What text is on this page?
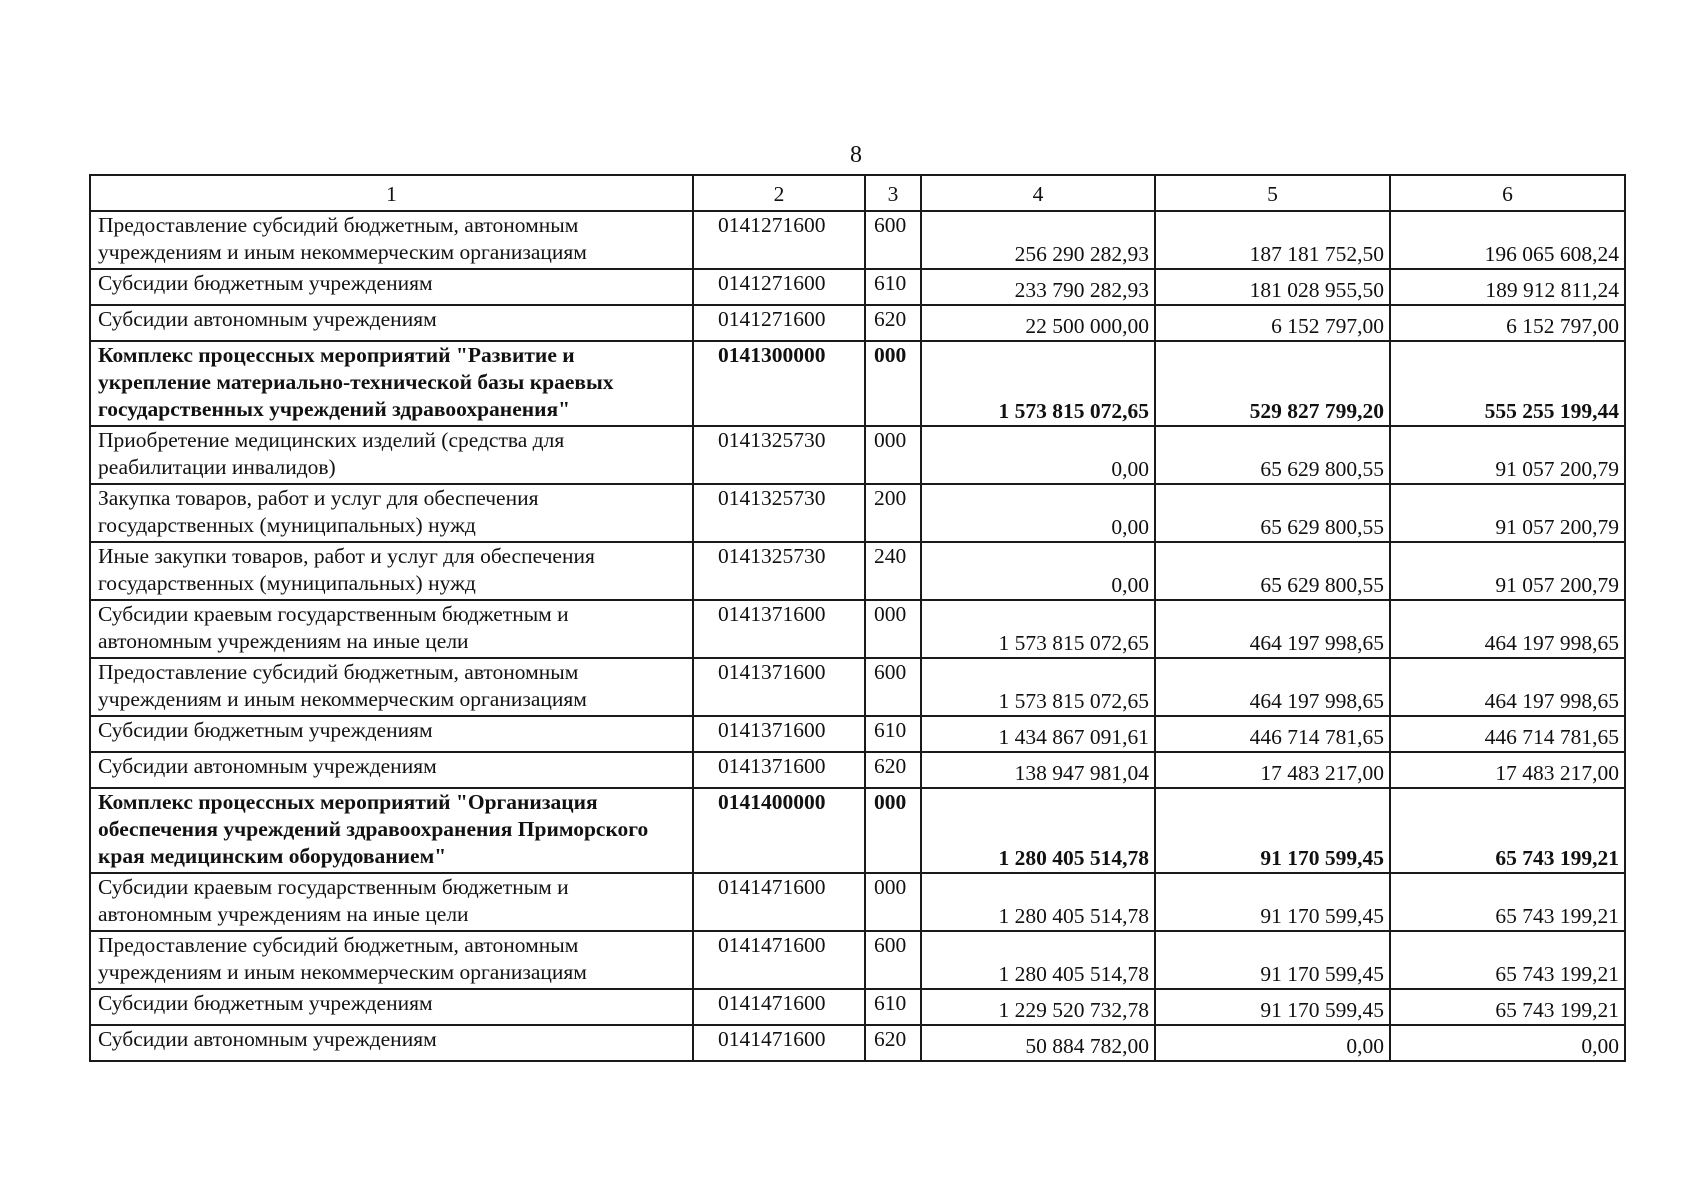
8
1	2	3	4	5	6
Предоставление субсидий бюджетным, автономным учреждениям и иным некоммерческим организациям	0141271600	600	256 290 282,93	187 181 752,50	196 065 608,24
Субсидии бюджетным учреждениям	0141271600	610	233 790 282,93	181 028 955,50	189 912 811,24
Субсидии автономным учреждениям	0141271600	620	22 500 000,00	6 152 797,00	6 152 797,00
Комплекс процессных мероприятий "Развитие и укрепление материально-технической базы краевых государственных учреждений здравоохранения"	0141300000	000	1 573 815 072,65	529 827 799,20	555 255 199,44
Приобретение медицинских изделий (средства для реабилитации инвалидов)	0141325730	000	0,00	65 629 800,55	91 057 200,79
Закупка товаров, работ и услуг для обеспечения государственных (муниципальных) нужд	0141325730	200	0,00	65 629 800,55	91 057 200,79
Иные закупки товаров, работ и услуг для обеспечения государственных (муниципальных) нужд	0141325730	240	0,00	65 629 800,55	91 057 200,79
Субсидии краевым государственным бюджетным и автономным учреждениям на иные цели	0141371600	000	1 573 815 072,65	464 197 998,65	464 197 998,65
Предоставление субсидий бюджетным, автономным учреждениям и иным некоммерческим организациям	0141371600	600	1 573 815 072,65	464 197 998,65	464 197 998,65
Субсидии бюджетным учреждениям	0141371600	610	1 434 867 091,61	446 714 781,65	446 714 781,65
Субсидии автономным учреждениям	0141371600	620	138 947 981,04	17 483 217,00	17 483 217,00
Комплекс процессных мероприятий "Организация обеспечения учреждений здравоохранения Приморского края медицинским оборудованием"	0141400000	000	1 280 405 514,78	91 170 599,45	65 743 199,21
Субсидии краевым государственным бюджетным и автономным учреждениям на иные цели	0141471600	000	1 280 405 514,78	91 170 599,45	65 743 199,21
Предоставление субсидий бюджетным, автономным учреждениям и иным некоммерческим организациям	0141471600	600	1 280 405 514,78	91 170 599,45	65 743 199,21
Субсидии бюджетным учреждениям	0141471600	610	1 229 520 732,78	91 170 599,45	65 743 199,21
Субсидии автономным учреждениям	0141471600	620	50 884 782,00	0,00	0,00
